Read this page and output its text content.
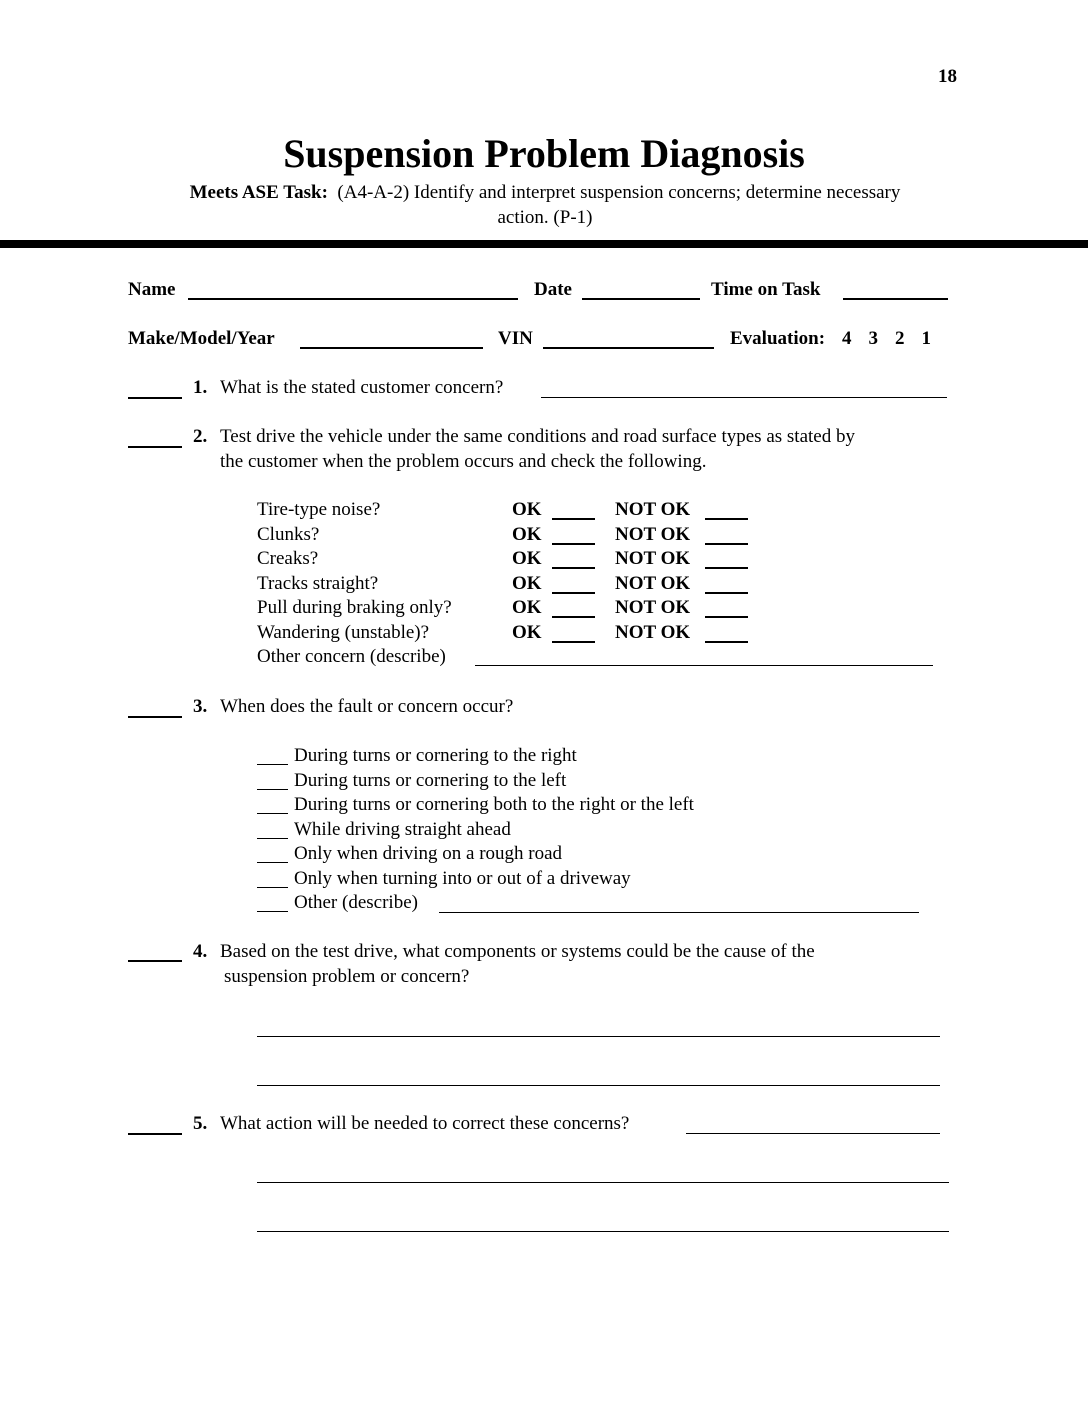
18
Suspension Problem Diagnosis
Meets ASE Task: (A4-A-2) Identify and interpret suspension concerns; determine necessary
action. (P-1)
Name	Date	Time on Task
Make/Model/Year	VIN	Evaluation: 4 3 2 1
1. What is the stated customer concern?
2. Test drive the vehicle under the same conditions and road surface types as stated by
the customer when the problem occurs and check the following.
Tire-type noise?	OK	NOT OK
Clunks?	OK	NOT OK
Creaks?	OK	NOT OK
Tracks straight?	OK	NOT OK
Pull during braking only?	OK	NOT OK
Wandering (unstable)?	OK	NOT OK
Other concern (describe)
3. When does the fault or concern occur?
During turns or cornering to the right
During turns or cornering to the left
During turns or cornering both to the right or the left
While driving straight ahead
Only when driving on a rough road
Only when turning into or out of a driveway
Other (describe)
4. Based on the test drive, what components or systems could be the cause of the
suspension problem or concern?
5. What action will be needed to correct these concerns?
